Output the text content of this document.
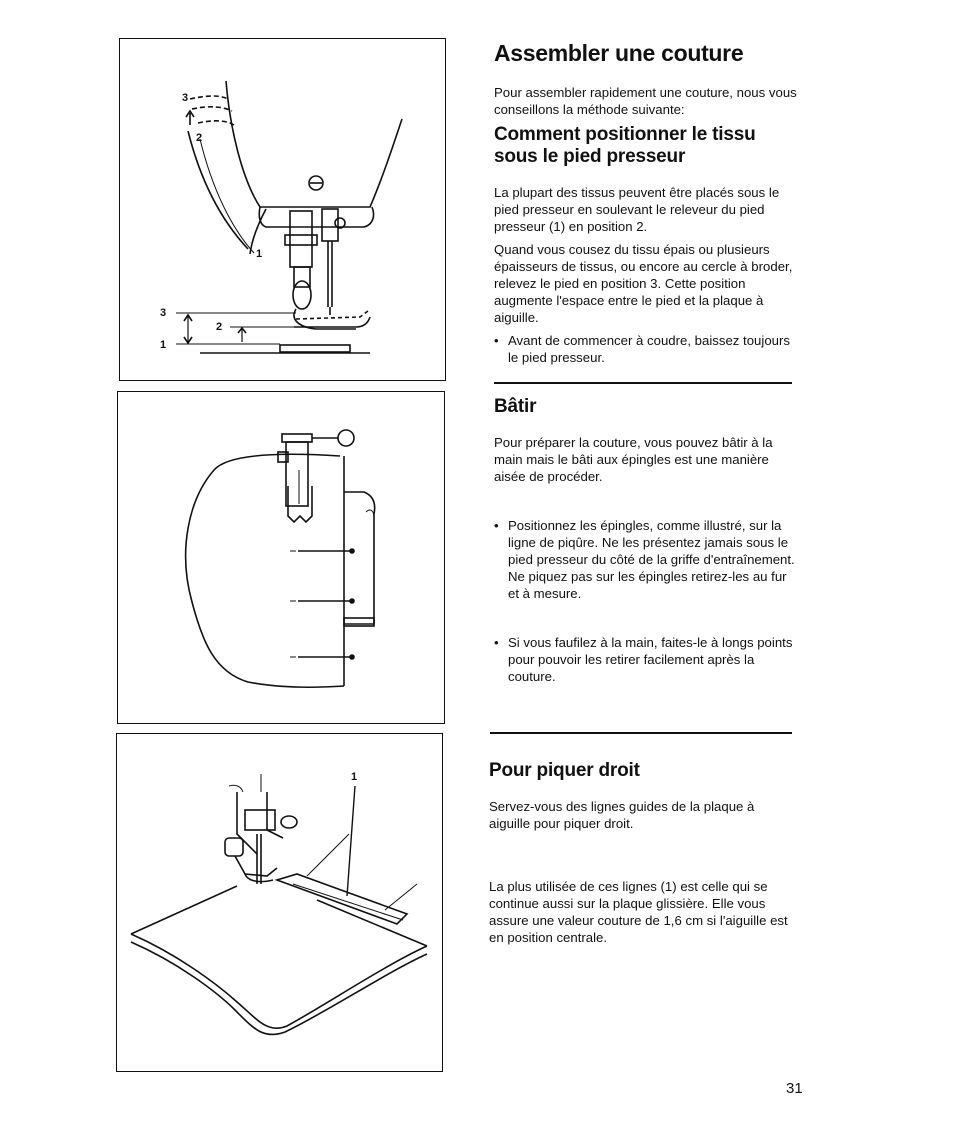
3
2
1
3
2
1
1
Assembler une couture

Pour assembler rapidement une couture, nous vous conseillons la méthode suivante:

Comment positionner le tissu
sous le pied presseur

La plupart des tissus peuvent être placés sous le pied presseur en soulevant le releveur du pied presseur (1) en position 2.

Quand vous cousez du tissu épais ou plusieurs épaisseurs de tissus, ou encore au cercle à broder, relevez le pied en position 3. Cette position augmente l'espace entre le pied et la plaque à aiguille.

• Avant de commencer à coudre, baissez toujours le pied presseur.
Bâtir

Pour préparer la couture, vous pouvez bâtir à la main mais le bâti aux épingles est une manière aisée de procéder.

• Positionnez les épingles, comme illustré, sur la ligne de piqûre. Ne les présentez jamais sous le pied presseur du côté de la griffe d'entraînement. Ne piquez pas sur les épingles retirez-les au fur et à mesure.
• Si vous faufilez à la main, faites-le à longs points pour pouvoir les retirer facilement après la couture.
Pour piquer droit

Servez-vous des lignes guides de la plaque à aiguille pour piquer droit.

La plus utilisée de ces lignes (1) est celle qui se continue aussi sur la plaque glissière. Elle vous assure une valeur couture de 1,6 cm si l'aiguille est en position centrale.

31
